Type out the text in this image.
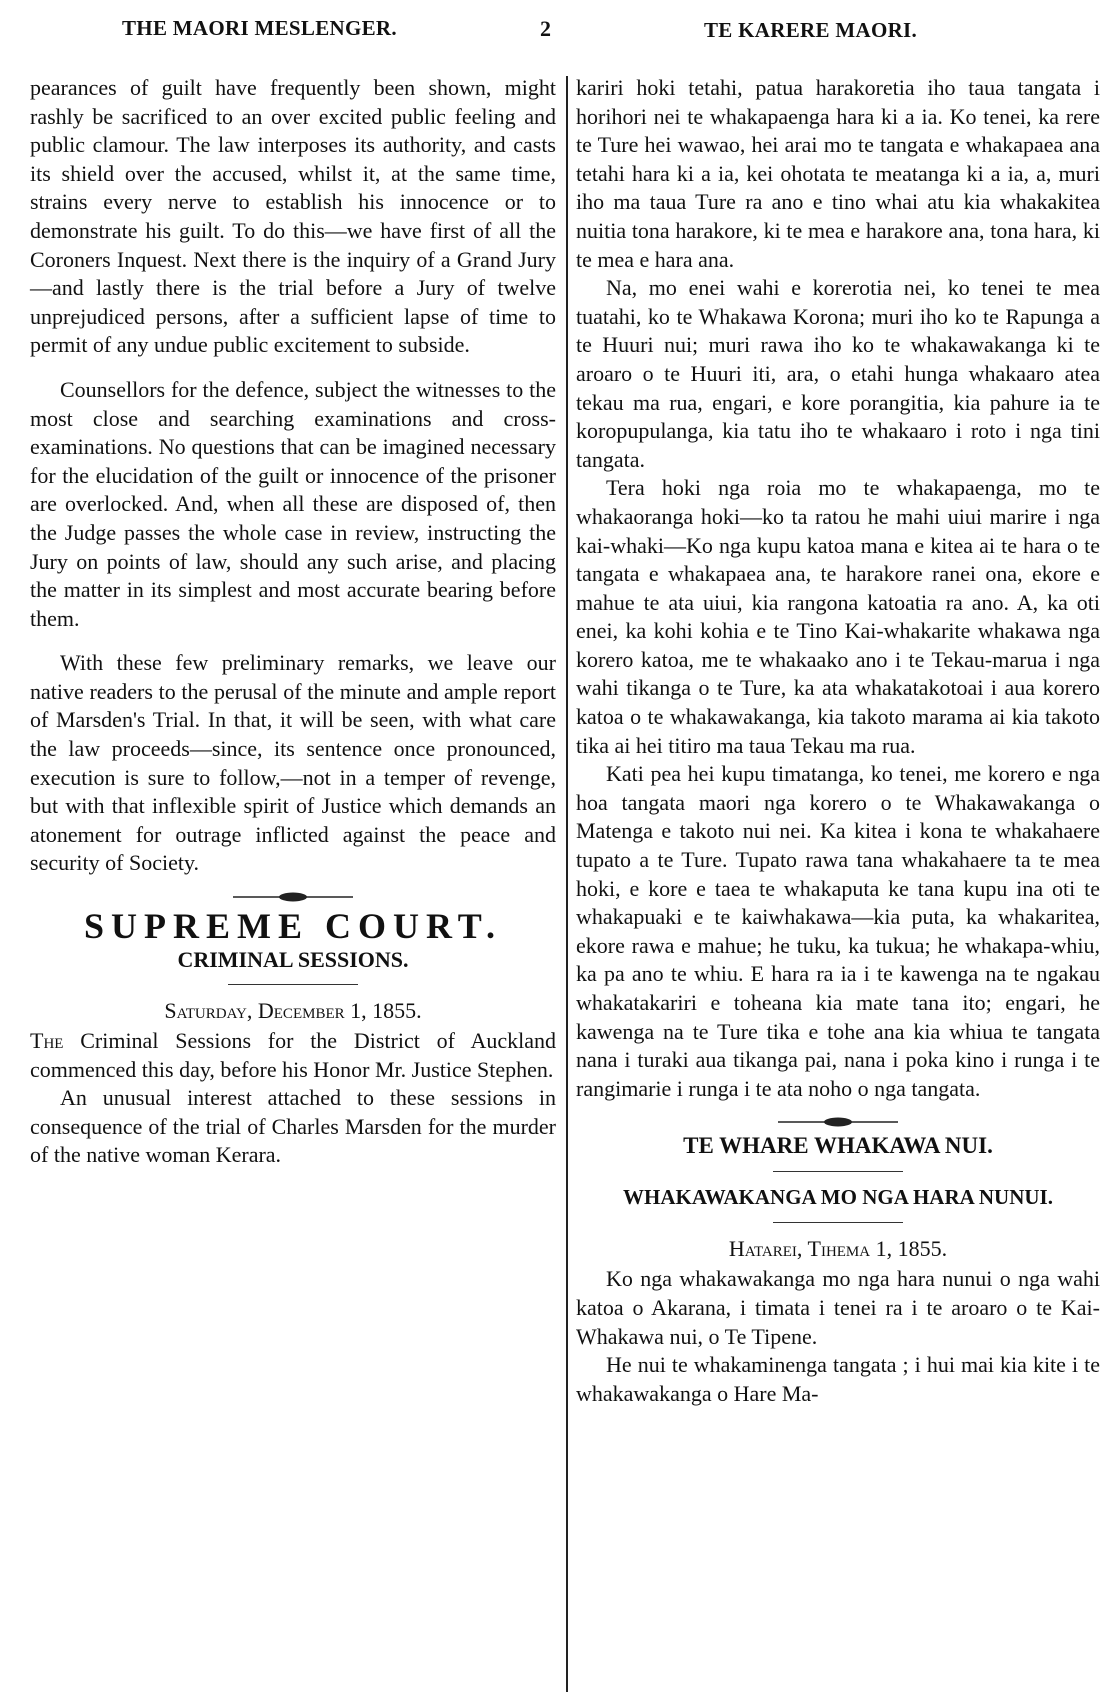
THE MAORI MESLENGER.	2	TE KARERE MAORI.

pearances of guilt have frequently been shown, might rashly be sacrificed to an over excited public feeling and public clamour. The law interposes its authority, and casts its shield over the accused, whilst it, at the same time, strains every nerve to establish his innocence or to demonstrate his guilt. To do this—we have first of all the Coroners Inquest. Next there is the inquiry of a Grand Jury—and lastly there is the trial before a Jury of twelve unprejudiced persons, after a sufficient lapse of time to permit of any undue public excitement to subside.

Counsellors for the defence, subject the witnesses to the most close and searching examinations and cross-examinations. No questions that can be imagined necessary for the elucidation of the guilt or innocence of the prisoner are overlocked. And, when all these are disposed of, then the Judge passes the whole case in review, instructing the Jury on points of law, should any such arise, and placing the matter in its simplest and most accurate bearing before them.

With these few preliminary remarks, we leave our native readers to the perusal of the minute and ample report of Marsden's Trial. In that, it will be seen, with what care the law proceeds—since, its sentence once pronounced, execution is sure to follow,—not in a temper of revenge, but with that inflexible spirit of Justice which demands an atonement for outrage inflicted against the peace and security of Society.

SUPREME COURT.

CRIMINAL SESSIONS.

Saturday, December 1, 1855.

The Criminal Sessions for the District of Auckland commenced this day, before his Honor Mr. Justice Stephen.

An unusual interest attached to these sessions in consequence of the trial of Charles Marsden for the murder of the native woman Kerara.

kariri hoki tetahi, patua harakoretia iho taua tangata i horihori nei te whakapaenga hara ki a ia. Ko tenei, ka rere te Ture hei wawao, hei arai mo te tangata e whakapaea ana tetahi hara ki a ia, kei ohotata te meatanga ki a ia, a, muri iho ma taua Ture ra ano e tino whai atu kia whakakitea nuitia tona harakore, ki te mea e harakore ana, tona hara, ki te mea e hara ana.

Na, mo enei wahi e korerotia nei, ko tenei te mea tuatahi, ko te Whakawa Korona; muri iho ko te Rapunga a te Huuri nui; muri rawa iho ko te whakawakanga ki te aroaro o te Huuri iti, ara, o etahi hunga whakaaro atea tekau ma rua, engari, e kore porangitia, kia pahure ia te koropupulanga, kia tatu iho te whakaaro i roto i nga tini tangata.

Tera hoki nga roia mo te whakapaenga, mo te whakaoranga hoki—ko ta ratou he mahi uiui marire i nga kai-whaki—Ko nga kupu katoa mana e kitea ai te hara o te tangata e whakapaea ana, te harakore ranei ona, ekore e mahue te ata uiui, kia rangona katoatia ra ano. A, ka oti enei, ka kohi kohia e te Tino Kai-whakarite whakawa nga korero katoa, me te whakaako ano i te Tekau-marua i nga wahi tikanga o te Ture, ka ata whakatakotoai i aua korero katoa o te whakawakanga, kia takoto marama ai kia takoto tika ai hei titiro ma taua Tekau ma rua.

Kati pea hei kupu timatanga, ko tenei, me korero e nga hoa tangata maori nga korero o te Whakawakanga o Matenga e takoto nui nei. Ka kitea i kona te whakahaere tupato a te Ture. Tupato rawa tana whakahaere ta te mea hoki, e kore e taea te whakaputa ke tana kupu ina oti te whakapuaki e te kaiwhakawa—kia puta, ka whakaritea, ekore rawa e mahue; he tuku, ka tukua; he whakapa-whiu, ka pa ano te whiu. E hara ra ia i te kawenga na te ngakau whakatakariri e toheana kia mate tana ito; engari, he kawenga na te Ture tika e tohe ana kia whiua te tangata nana i turaki aua tikanga pai, nana i poka kino i runga i te rangimarie i runga i te ata noho o nga tangata.

TE WHARE WHAKAWA NUI.

WHAKAWAKANGA MO NGA HARA NUNUI.

Hatarei, Tihema 1, 1855.

Ko nga whakawakanga mo nga hara nunui o nga wahi katoa o Akarana, i timata i tenei ra i te aroaro o te Kai-Whakawa nui, o Te Tipene.

He nui te whakaminenga tangata ; i hui mai kia kite i te whakawakanga o Hare Ma-
